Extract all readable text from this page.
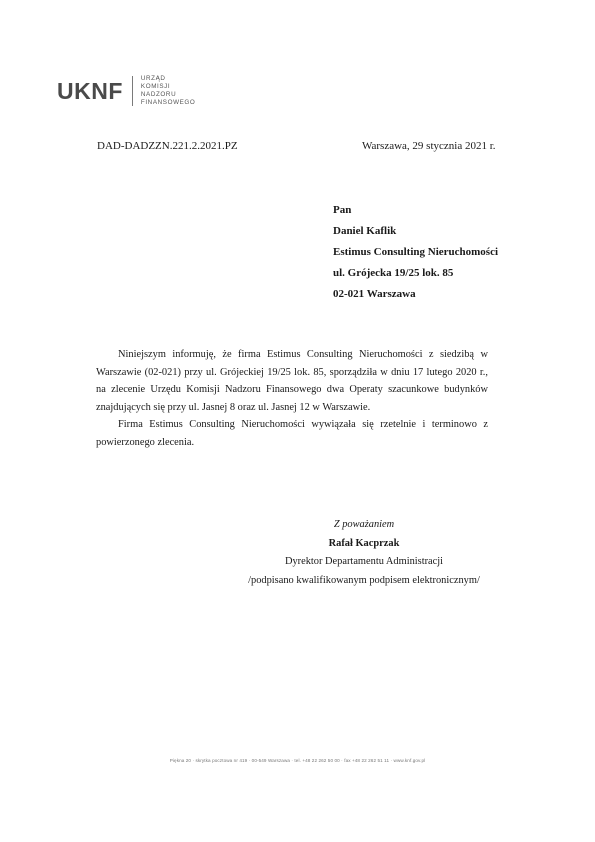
UKNF	URZĄD
KOMISJI
NADZORU
FINANSOWEGO
DAD-DADZZN.221.2.2021.PZ	Warszawa, 29 stycznia 2021 r.
Pan
Daniel Kaflik
Estimus Consulting Nieruchomości
ul. Grójecka 19/25 lok. 85
02-021 Warszawa

Niniejszym informuję, że firma Estimus Consulting Nieruchomości z siedzibą w Warszawie (02-021) przy ul. Grójeckiej 19/25 lok. 85, sporządziła w dniu 17 lutego 2020 r., na zlecenie Urzędu Komisji Nadzoru Finansowego dwa Operaty szacunkowe budynków znajdujących się przy ul. Jasnej 8 oraz ul. Jasnej 12 w Warszawie.

Firma Estimus Consulting Nieruchomości wywiązała się rzetelnie i terminowo z powierzonego zlecenia.

Z poważaniem
Rafał Kacprzak
Dyrektor Departamentu Administracji
/podpisano kwalifikowanym podpisem elektronicznym/
Piękna 20 · skrytka pocztowa nr 419 · 00-549 Warszawa · tel. +48 22 262 50 00 · fax +48 22 262 51 11 · www.knf.gov.pl
